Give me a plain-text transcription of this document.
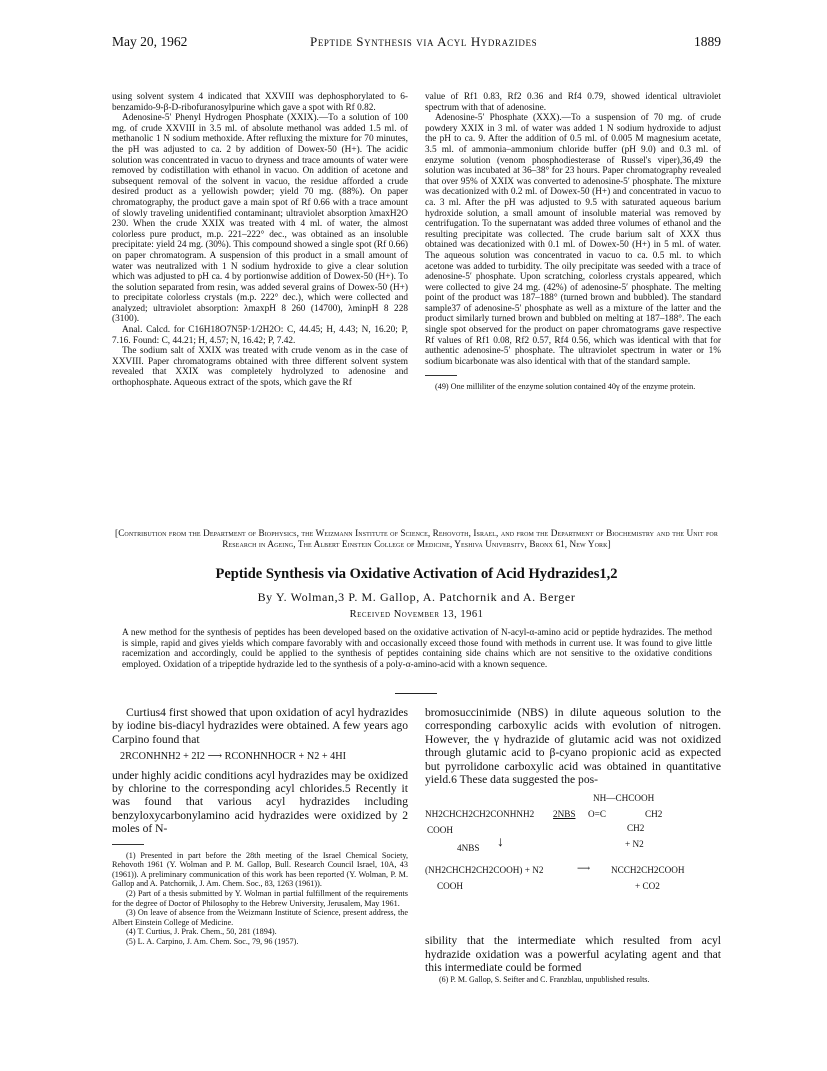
May 20, 1962	Peptide Synthesis via Acyl Hydrazides	1889

using solvent system 4 indicated that XXVIII was dephosphorylated to 6-benzamido-9-β-D-ribofuranosylpurine which gave a spot with Rf 0.82.

Adenosine-5′ Phenyl Hydrogen Phosphate (XXIX).—To a solution of 100 mg. of crude XXVIII in 3.5 ml. of absolute methanol was added 1.5 ml. of methanolic 1 N sodium methoxide. After refluxing the mixture for 70 minutes, the pH was adjusted to ca. 2 by addition of Dowex-50 (H+). The acidic solution was concentrated in vacuo to dryness and trace amounts of water were removed by codistillation with ethanol in vacuo. On addition of acetone and subsequent removal of the solvent in vacuo, the residue afforded a crude desired product as a yellowish powder; yield 70 mg. (88%). On paper chromatography, the product gave a main spot of Rf 0.66 with a trace amount of slowly traveling unidentified contaminant; ultraviolet absorption λmaxH2O 230. When the crude XXIX was treated with 4 ml. of water, the almost colorless pure product, m.p. 221–222° dec., was obtained as an insoluble precipitate: yield 24 mg. (30%). This compound showed a single spot (Rf 0.66) on paper chromatogram. A suspension of this product in a small amount of water was neutralized with 1 N sodium hydroxide to give a clear solution which was adjusted to pH ca. 4 by portionwise addition of Dowex-50 (H+). To the solution separated from resin, was added several grains of Dowex-50 (H+) to precipitate colorless crystals (m.p. 222° dec.), which were collected and analyzed; ultraviolet absorption: λmaxpH 8 260 (14700), λminpH 8 228 (3100).

Anal. Calcd. for C16H18O7N5P·1/2H2O: C, 44.45; H, 4.43; N, 16.20; P, 7.16. Found: C, 44.21; H, 4.57; N, 16.42; P, 7.42.

The sodium salt of XXIX was treated with crude venom as in the case of XXVIII. Paper chromatograms obtained with three different solvent system revealed that XXIX was completely hydrolyzed to adenosine and orthophosphate. Aqueous extract of the spots, which gave the Rf

value of Rf1 0.83, Rf2 0.36 and Rf4 0.79, showed identical ultraviolet spectrum with that of adenosine.

Adenosine-5′ Phosphate (XXX).—To a suspension of 70 mg. of crude powdery XXIX in 3 ml. of water was added 1 N sodium hydroxide to adjust the pH to ca. 9. After the addition of 0.5 ml. of 0.005 M magnesium acetate, 3.5 ml. of ammonia–ammonium chloride buffer (pH 9.0) and 0.3 ml. of enzyme solution (venom phosphodiesterase of Russel's viper),36,49 the solution was incubated at 36–38° for 23 hours. Paper chromatography revealed that over 95% of XXIX was converted to adenosine-5′ phosphate. The mixture was decationized with 0.2 ml. of Dowex-50 (H+) and concentrated in vacuo to ca. 3 ml. After the pH was adjusted to 9.5 with saturated aqueous barium hydroxide solution, a small amount of insoluble material was removed by centrifugation. To the supernatant was added three volumes of ethanol and the resulting precipitate was collected. The crude barium salt of XXX thus obtained was decationized with 0.1 ml. of Dowex-50 (H+) in 5 ml. of water. The aqueous solution was concentrated in vacuo to ca. 0.5 ml. to which acetone was added to turbidity. The oily precipitate was seeded with a trace of adenosine-5′ phosphate. Upon scratching, colorless crystals appeared, which were collected to give 24 mg. (42%) of adenosine-5′ phosphate. The melting point of the product was 187–188° (turned brown and bubbled). The standard sample37 of adenosine-5′ phosphate as well as a mixture of the latter and the product similarly turned brown and bubbled on melting at 187–188°. The each single spot observed for the product on paper chromatograms gave respective Rf values of Rf1 0.08, Rf2 0.57, Rf4 0.56, which was identical with that for authentic adenosine-5′ phosphate. The ultraviolet spectrum in water or 1% sodium bicarbonate was also identical with that of the standard sample.

(49) One milliliter of the enzyme solution contained 40γ of the enzyme protein.

[Contribution from the Department of Biophysics, the Weizmann Institute of Science, Rehovoth, Israel, and from the Department of Biochemistry and the Unit for Research in Ageing, The Albert Einstein College of Medicine, Yeshiva University, Bronx 61, New York]
Peptide Synthesis via Oxidative Activation of Acid Hydrazides1,2
By Y. Wolman,3 P. M. Gallop, A. Patchornik and A. Berger
Received November 13, 1961
A new method for the synthesis of peptides has been developed based on the oxidative activation of N-acyl-α-amino acid or peptide hydrazides. The method is simple, rapid and gives yields which compare favorably with and occasionally exceed those found with methods in current use. It was found to give little racemization and accordingly, could be applied to the synthesis of peptides containing side chains which are not sensitive to the oxidative conditions employed. Oxidation of a tripeptide hydrazide led to the synthesis of a poly-α-amino-acid with a known sequence.

Curtius4 first showed that upon oxidation of acyl hydrazides by iodine bis-diacyl hydrazides were obtained. A few years ago Carpino found that

2RCONHNH2 + 2I2 ⟶ RCONHNHOCR + N2 + 4HI

under highly acidic conditions acyl hydrazides may be oxidized by chlorine to the corresponding acyl chlorides.5 Recently it was found that various acyl hydrazides including benzyloxycarbonylamino acid hydrazides were oxidized by 2 moles of N-

(1) Presented in part before the 28th meeting of the Israel Chemical Society, Rehovoth 1961 (Y. Wolman and P. M. Gallop, Bull. Research Council Israel, 10A, 43 (1961)). A preliminary communication of this work has been reported (Y. Wolman, P. M. Gallop and A. Patchornik, J. Am. Chem. Soc., 83, 1263 (1961)).

(2) Part of a thesis submitted by Y. Wolman in partial fulfillment of the requirements for the degree of Doctor of Philosophy to the Hebrew University, Jerusalem, May 1961.

(3) On leave of absence from the Weizmann Institute of Science, present address, the Albert Einstein College of Medicine.

(4) T. Curtius, J. Prak. Chem., 50, 281 (1894).

(5) L. A. Carpino, J. Am. Chem. Soc., 79, 96 (1957).

bromosuccinimide (NBS) in dilute aqueous solution to the corresponding carboxylic acids with evolution of nitrogen. However, the γ hydrazide of glutamic acid was not oxidized through glutamic acid to β-cyano propionic acid as expected but pyrrolidone carboxylic acid was obtained in quantitative yield.6 These data suggested the pos-

NH—CHCOOH
NH2CHCH2CH2CONHNH2 2NBS O=C	CH2
CH2
COOH
+ N2
4NBS ↓
(NH2CHCH2CH2COOH) + N2	⟶ NCCH2CH2COOH
COOH	+ CO2

sibility that the intermediate which resulted from acyl hydrazide oxidation was a powerful acylating agent and that this intermediate could be formed

(6) P. M. Gallop, S. Seifter and C. Franzblau, unpublished results.
